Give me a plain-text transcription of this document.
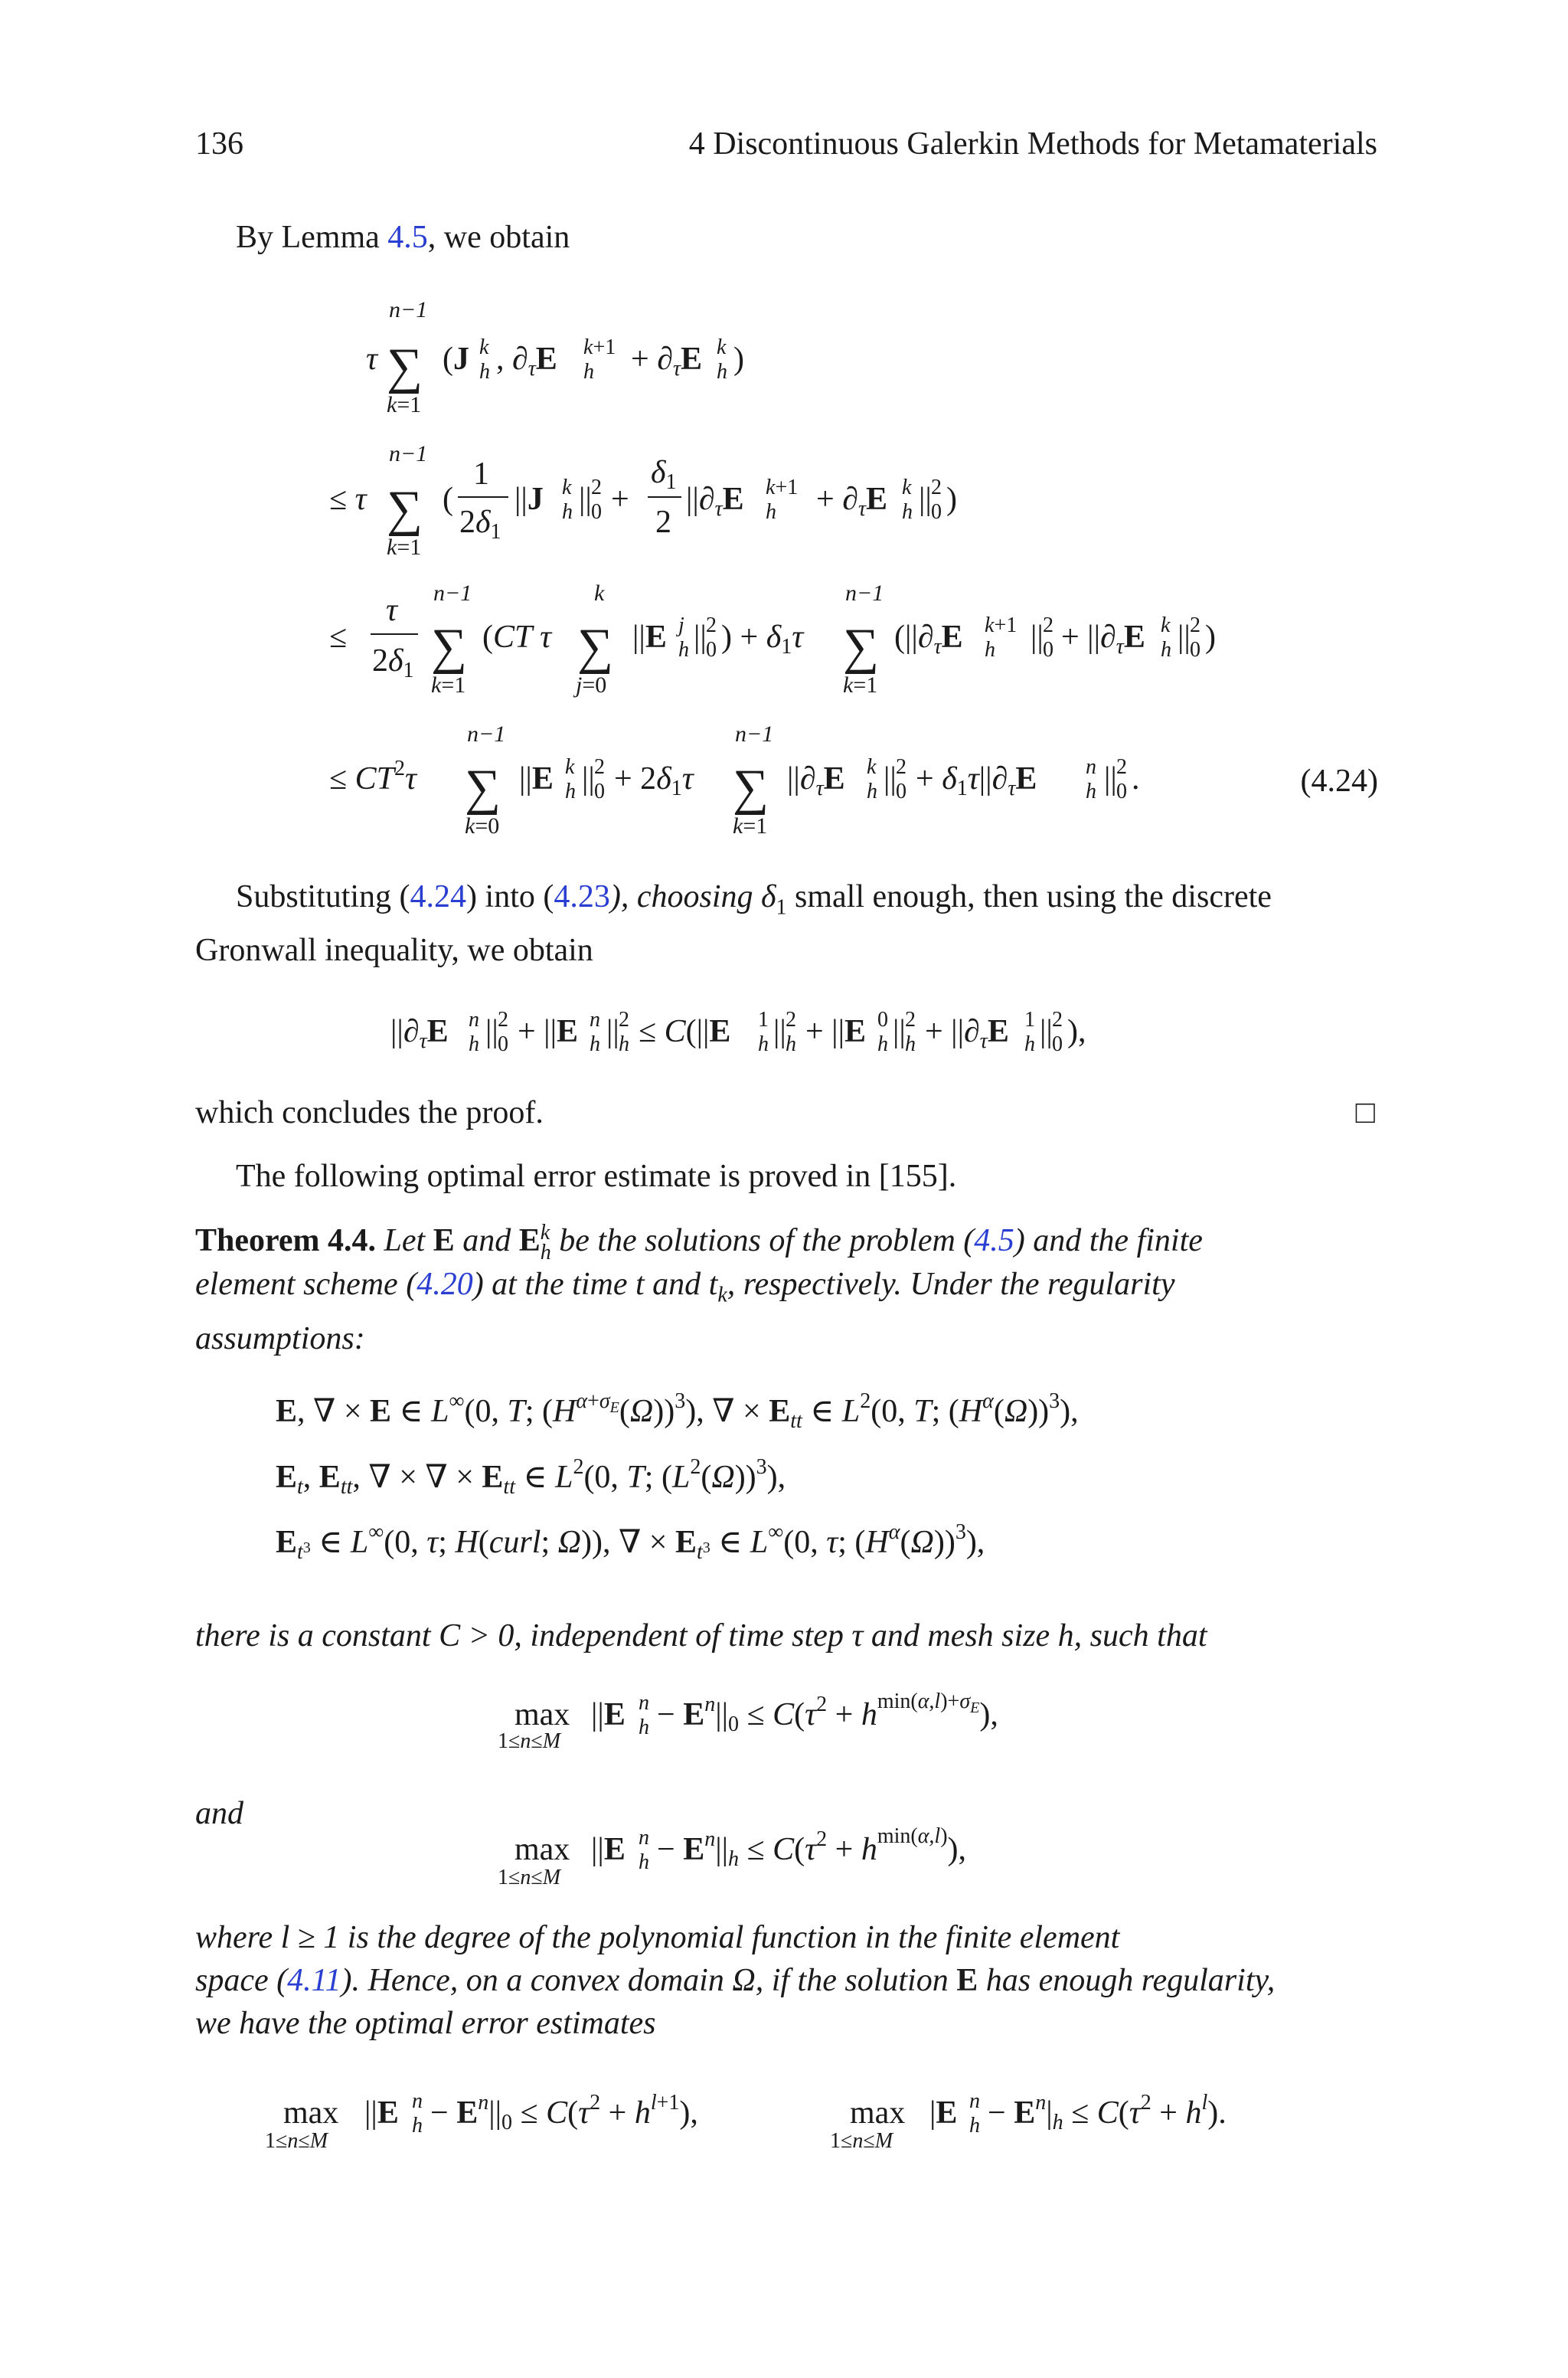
136	4 Discontinuous Galerkin Methods for Metamaterials
By Lemma 4.5, we obtain
τ
n−1
∑
k=1
(J k
h , ∂τE k+1
h + ∂τE k
h )
≤ τ
n−1
∑
k=1
(
1
2δ1
||J k
h || 2
0 +
δ1
2
||∂τE k+1
h + ∂τE k
h || 2
0 )
≤
τ
2δ1
n−1
∑
k=1
(CT τ
k
∑
j=0
||E j
h || 2
0 ) + δ1τ
n−1
∑
k=1
(||∂τE k+1
h || 2
0 + ||∂τE k
h || 2
0 )
≤ $CT^2\tau$
n−1
∑
k=0
||E k
h || 2
0 + 2δ1τ
n−1
∑
k=1
||∂τE k
h || 2
0 + δ1τ||∂τE n
h || 2
0 .	(4.24)
Substituting (4.24) into (4.23), choosing $\delta_1$ small enough, then using the discrete
Gronwall inequality, we obtain
||∂τE n
h || 2
0 + ||E n
h || 2
h ≤ C(||E 1
h || 2
h + ||E 0
h || 2
h + ||∂τE 1
h || 2
0 ),
which concludes the proof.	□
The following optimal error estimate is proved in [155].
Theorem 4.4. Let E and Ek
h be the solutions of the problem (4.5) and the finite
element scheme (4.20) at the time t and $t_k$, respectively. Under the regularity
assumptions:
E, ∇ × E ∈ L∞(0, T; $(H^\alpha+\sigma E(\Omega))^3$), ∇ × Ett ∈ $L^2(0$, T; $(H^\alpha(\Omega))^3$),
Et, Ett, ∇ × ∇ × Ett ∈ $L^2(0$, T; $(L^2(\Omega))^3$),
Et3 ∈ L∞(0, τ; H(curl; Ω)), ∇ × Et3 ∈ L∞(0, τ; $(H^\alpha(\Omega))^3$),
there is a constant C > 0, independent of time step τ and mesh size h, such that
max
1≤n≤M
||E n
$h - E^n||0 \le C(\tau^2 + h^{min(}\alpha,l)+\sigma E$),
and
max
1≤n≤M
||E n
$h - E^n||h \le C(\tau^2 + h^{min(}\alpha,l)$),
where l ≥ 1 is the degree of the polynomial function in the finite element
space (4.11). Hence, on a convex domain Ω, if the solution E has enough regularity,
we have the optimal error estimates
max
1≤n≤M
||E n
$h - E^n||0 \le C(\tau^2 + h^l+1)$,	max
1≤n≤M
|E n
$h - E^n|h \le C(\tau^2 + h^l)$.
